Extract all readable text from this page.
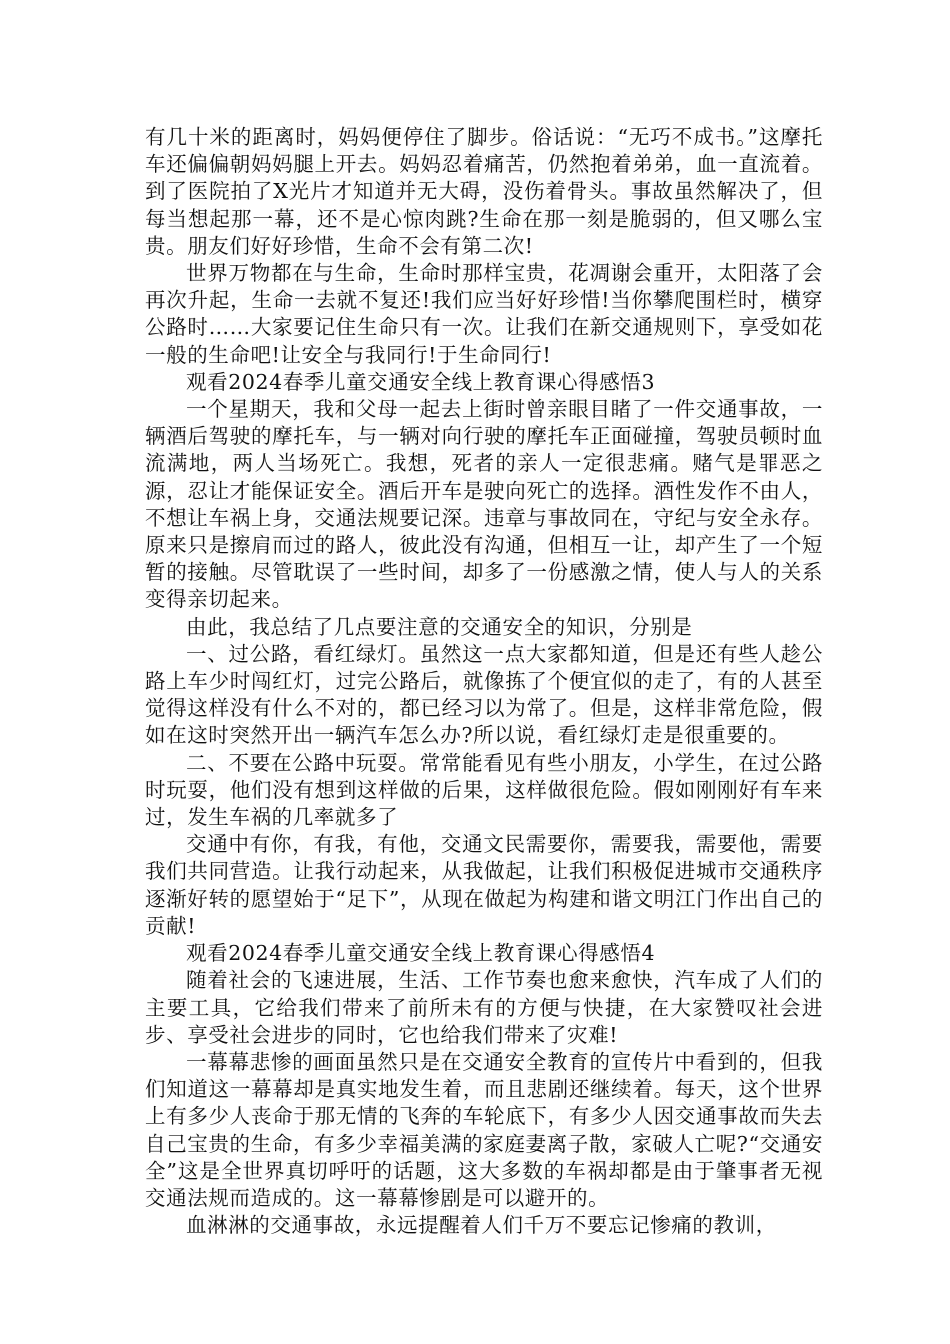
有几十米的距离时，妈妈便停住了脚步。俗话说：“无巧不成书。”这摩托车还偏偏朝妈妈腿上开去。妈妈忍着痛苦，仍然抱着弟弟，血一直流着。到了医院拍了X光片才知道并无大碍，没伤着骨头。事故虽然解决了，但每当想起那一幕，还不是心惊肉跳?生命在那一刻是脆弱的，但又哪么宝贵。朋友们好好珍惜，生命不会有第二次!

世界万物都在与生命，生命时那样宝贵，花凋谢会重开，太阳落了会再次升起，生命一去就不复还!我们应当好好珍惜!当你攀爬围栏时，横穿公路时……大家要记住生命只有一次。让我们在新交通规则下，享受如花一般的生命吧!让安全与我同行!于生命同行!

观看2024春季儿童交通安全线上教育课心得感悟3

一个星期天，我和父母一起去上街时曾亲眼目睹了一件交通事故，一辆酒后驾驶的摩托车，与一辆对向行驶的摩托车正面碰撞，驾驶员顿时血流满地，两人当场死亡。我想，死者的亲人一定很悲痛。赌气是罪恶之源，忍让才能保证安全。酒后开车是驶向死亡的选择。酒性发作不由人，不想让车祸上身，交通法规要记深。违章与事故同在，守纪与安全永存。原来只是擦肩而过的路人，彼此没有沟通，但相互一让，却产生了一个短暂的接触。尽管耽误了一些时间，却多了一份感激之情，使人与人的关系变得亲切起来。

由此，我总结了几点要注意的交通安全的知识，分别是

一、过公路，看红绿灯。虽然这一点大家都知道，但是还有些人趁公路上车少时闯红灯，过完公路后，就像拣了个便宜似的走了，有的人甚至觉得这样没有什么不对的，都已经习以为常了。但是，这样非常危险，假如在这时突然开出一辆汽车怎么办?所以说，看红绿灯走是很重要的。

二、不要在公路中玩耍。常常能看见有些小朋友，小学生，在过公路时玩耍，他们没有想到这样做的后果，这样做很危险。假如刚刚好有车来过，发生车祸的几率就多了

交通中有你，有我，有他，交通文民需要你，需要我，需要他，需要我们共同营造。让我行动起来，从我做起，让我们积极促进城市交通秩序逐渐好转的愿望始于“足下”，从现在做起为构建和谐文明江门作出自己的贡献!

观看2024春季儿童交通安全线上教育课心得感悟4

随着社会的飞速进展，生活、工作节奏也愈来愈快，汽车成了人们的主要工具，它给我们带来了前所未有的方便与快捷，在大家赞叹社会进步、享受社会进步的同时，它也给我们带来了灾难!

一幕幕悲惨的画面虽然只是在交通安全教育的宣传片中看到的，但我们知道这一幕幕却是真实地发生着，而且悲剧还继续着。每天，这个世界上有多少人丧命于那无情的飞奔的车轮底下，有多少人因交通事故而失去自己宝贵的生命，有多少幸福美满的家庭妻离子散，家破人亡呢?“交通安全”这是全世界真切呼吁的话题，这大多数的车祸却都是由于肇事者无视交通法规而造成的。这一幕幕惨剧是可以避开的。

血淋淋的交通事故，永远提醒着人们千万不要忘记惨痛的教训，
